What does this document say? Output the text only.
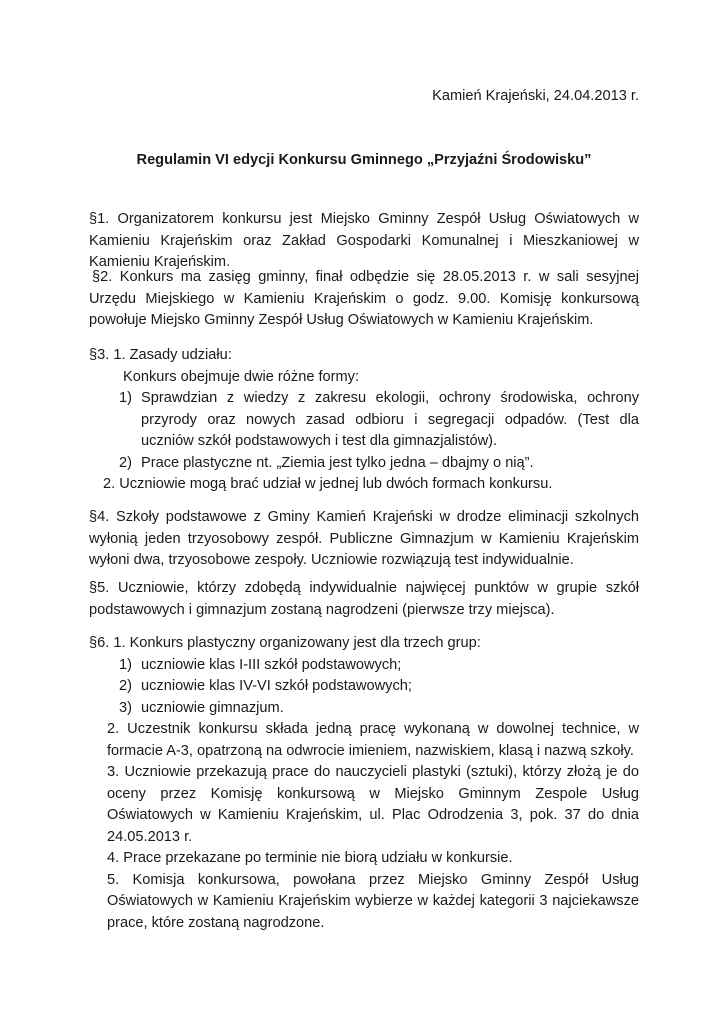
Kamień Krajeński, 24.04.2013 r.
Regulamin VI edycji Konkursu Gminnego „Przyjaźni Środowisku”

§1. Organizatorem konkursu jest Miejsko Gminny Zespół Usług Oświatowych w Kamieniu Krajeńskim oraz Zakład Gospodarki Komunalnej i Mieszkaniowej w Kamieniu Krajeńskim.

§2. Konkurs ma zasięg gminny, finał odbędzie się 28.05.2013 r. w sali sesyjnej Urzędu Miejskiego w Kamieniu Krajeńskim o godz. 9.00. Komisję konkursową powołuje Miejsko Gminny Zespół Usług Oświatowych w Kamieniu Krajeńskim.

§3. 1. Zasady udziału:

Konkurs obejmuje dwie różne formy:

1) Sprawdzian z wiedzy z zakresu ekologii, ochrony środowiska, ochrony przyrody oraz nowych zasad odbioru i segregacji odpadów. (Test dla uczniów szkół podstawowych i test dla gimnazjalistów).
2) Prace plastyczne nt. „Ziemia jest tylko jedna – dbajmy o nią”.

2. Uczniowie mogą brać udział w jednej lub dwóch formach konkursu.

§4. Szkoły podstawowe z Gminy Kamień Krajeński w drodze eliminacji szkolnych wyłonią jeden trzyosobowy zespół. Publiczne Gimnazjum w Kamieniu Krajeńskim wyłoni dwa, trzyosobowe zespoły. Uczniowie rozwiązują test indywidualnie.

§5. Uczniowie, którzy zdobędą indywidualnie najwięcej punktów w grupie szkół podstawowych i gimnazjum zostaną nagrodzeni (pierwsze trzy miejsca).

§6. 1. Konkurs plastyczny organizowany jest dla trzech grup:

1) uczniowie klas I-III szkół podstawowych;
2) uczniowie klas IV-VI szkół podstawowych;
3) uczniowie gimnazjum.

2. Uczestnik konkursu składa jedną pracę wykonaną w dowolnej technice, w formacie A-3, opatrzoną na odwrocie imieniem, nazwiskiem, klasą i nazwą szkoły.

3. Uczniowie przekazują prace do nauczycieli plastyki (sztuki), którzy złożą je do oceny przez Komisję konkursową w Miejsko Gminnym Zespole Usług Oświatowych w Kamieniu Krajeńskim, ul. Plac Odrodzenia 3, pok. 37 do dnia 24.05.2013 r.

4. Prace przekazane po terminie nie biorą udziału w konkursie.

5. Komisja konkursowa, powołana przez Miejsko Gminny Zespół Usług Oświatowych w Kamieniu Krajeńskim wybierze w każdej kategorii 3 najciekawsze prace, które zostaną nagrodzone.
